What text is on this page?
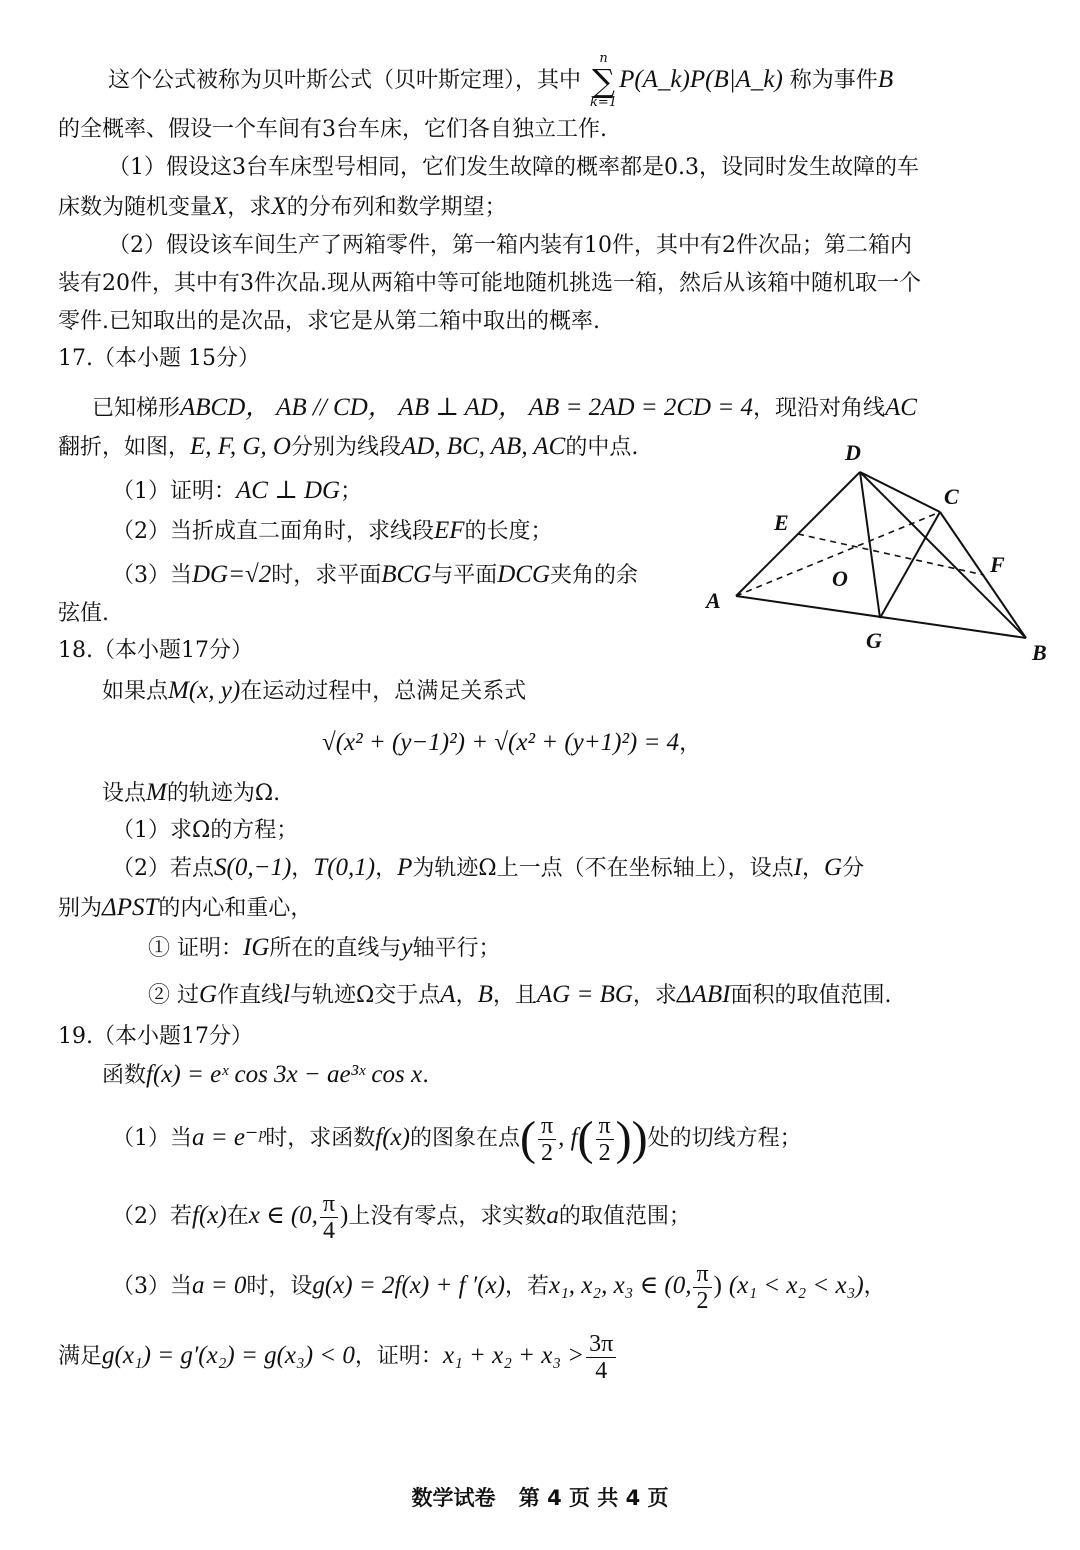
这个公式被称为贝叶斯公式（贝叶斯定理），其中
n
∑
k=1
P(A_k)P(B|A_k) 称为事件B
的全概率、假设一个车间有3台车床，它们各自独立工作.
（1）假设这3台车床型号相同，它们发生故障的概率都是0.3，设同时发生故障的车
床数为随机变量X，求X的分布列和数学期望；
（2）假设该车间生产了两箱零件，第一箱内装有10件，其中有2件次品；第二箱内
装有20件，其中有3件次品.现从两箱中等可能地随机挑选一箱，然后从该箱中随机取一个
零件.已知取出的是次品，求它是从第二箱中取出的概率.
17.（本小题 15分）
已知梯形ABCD， AB // CD， AB ⊥ AD， AB = 2AD = 2CD = 4，现沿对角线AC
翻折，如图，E, F, G, O分别为线段AD, BC, AB, AC的中点.
（1）证明：AC ⊥ DG；
（2）当折成直二面角时，求线段EF的长度；
（3）当DG=√2时，求平面BCG与平面DCG夹角的余
弦值.
D
C
E
O
F
A
G	B
18.（本小题17分）
如果点M(x, y)在运动过程中，总满足关系式
√(x² + (y−1)²) + √(x² + (y+1)²) = 4，
设点M的轨迹为Ω.
（1）求Ω的方程；
（2）若点S(0,−1)，T(0,1)，P为轨迹Ω上一点（不在坐标轴上），设点I，G分
别为ΔPST的内心和重心，
① 证明：IG所在的直线与y轴平行；
② 过G作直线l与轨迹Ω交于点A，B，且AG = BG，求ΔABI面积的取值范围.
19.（本小题17分）
函数f(x) = eˣ cos 3x − ae³ˣ cos x.
（1）当a = e⁻ᵖ时，求函数f(x)的图象在点( $\frac{\pi}{2}$ , $f( \frac{\pi}{2}$ ))处的切线方程；
（2）若f(x)在x ∈ (0, $\frac{\pi}{4}$ )上没有零点，求实数a的取值范围；
（3）当a = 0时，设g(x) = 2f(x) + f ′(x)，若x₁, x₂, x₃ ∈ (0, $\frac{\pi}{2}$ ) (x₁ < x₂ < x₃)，
满足g(x₁) = g′(x₂) = g(x₃) < 0，证明：$x_1 + x_2 + x_3 > \frac{3\pi}{4}$
数学试卷 第 4 页 共 4 页
